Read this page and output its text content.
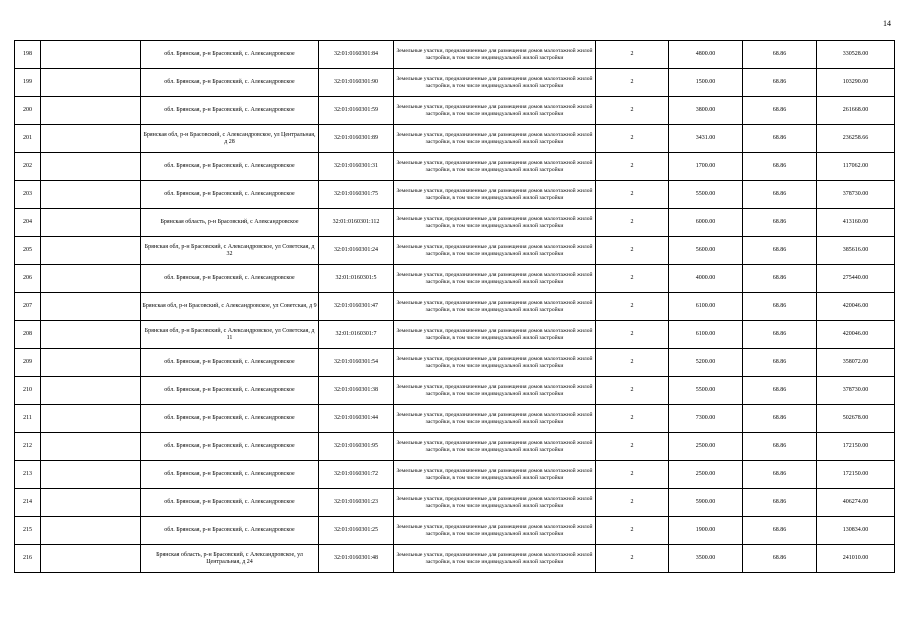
14
198		обл. Брянская, р-н Брасовский, с. Александровское	32:01:0160301:84	Земельные участки, предназначенные для размещения домов малоэтажной жилой застройки, в том числе индивидуальной жилой застройки	2	4800.00	68.86	330528.00
199		обл. Брянская, р-н Брасовский, с. Александровское	32:01:0160301:90	Земельные участки, предназначенные для размещения домов малоэтажной жилой застройки, в том числе индивидуальной жилой застройки	2	1500.00	68.86	103290.00
200		обл. Брянская, р-н Брасовский, с. Александровское	32:01:0160301:59	Земельные участки, предназначенные для размещения домов малоэтажной жилой застройки, в том числе индивидуальной жилой застройки	2	3800.00	68.86	261668.00
201		Брянская обл, р-н Брасовский, с Александровское, ул Центральная, д 28	32:01:0160301:89	Земельные участки, предназначенные для размещения домов малоэтажной жилой застройки, в том числе индивидуальной жилой застройки	2	3431.00	68.86	236258.66
202		обл. Брянская, р-н Брасовский, с. Александровское	32:01:0160301:31	Земельные участки, предназначенные для размещения домов малоэтажной жилой застройки, в том числе индивидуальной жилой застройки	2	1700.00	68.86	117062.00
203		обл. Брянская, р-н Брасовский, с. Александровское	32:01:0160301:75	Земельные участки, предназначенные для размещения домов малоэтажной жилой застройки, в том числе индивидуальной жилой застройки	2	5500.00	68.86	378730.00
204		Брянская область, р-н Брасовский, с Александровское	32:01:0160301:112	Земельные участки, предназначенные для размещения домов малоэтажной жилой застройки, в том числе индивидуальной жилой застройки	2	6000.00	68.86	413160.00
205		Брянская обл, р-н Брасовский, с Александровское, ул Советская, д 32	32:01:0160301:24	Земельные участки, предназначенные для размещения домов малоэтажной жилой застройки, в том числе индивидуальной жилой застройки	2	5600.00	68.86	385616.00
206		обл. Брянская, р-н Брасовский, с. Александровское	32:01:0160301:5	Земельные участки, предназначенные для размещения домов малоэтажной жилой застройки, в том числе индивидуальной жилой застройки	2	4000.00	68.86	275440.00
207		Брянская обл, р-н Брасовский, с Александровское, ул Советская, д 9	32:01:0160301:47	Земельные участки, предназначенные для размещения домов малоэтажной жилой застройки, в том числе индивидуальной жилой застройки	2	6100.00	68.86	420046.00
208		Брянская обл, р-н Брасовский, с Александровское, ул Советская, д 11	32:01:0160301:7	Земельные участки, предназначенные для размещения домов малоэтажной жилой застройки, в том числе индивидуальной жилой застройки	2	6100.00	68.86	420046.00
209		обл. Брянская, р-н Брасовский, с. Александровское	32:01:0160301:54	Земельные участки, предназначенные для размещения домов малоэтажной жилой застройки, в том числе индивидуальной жилой застройки	2	5200.00	68.86	358072.00
210		обл. Брянская, р-н Брасовский, с. Александровское	32:01:0160301:38	Земельные участки, предназначенные для размещения домов малоэтажной жилой застройки, в том числе индивидуальной жилой застройки	2	5500.00	68.86	378730.00
211		обл. Брянская, р-н Брасовский, с. Александровское	32:01:0160301:44	Земельные участки, предназначенные для размещения домов малоэтажной жилой застройки, в том числе индивидуальной жилой застройки	2	7300.00	68.86	502678.00
212		обл. Брянская, р-н Брасовский, с. Александровское	32:01:0160301:95	Земельные участки, предназначенные для размещения домов малоэтажной жилой застройки, в том числе индивидуальной жилой застройки	2	2500.00	68.86	172150.00
213		обл. Брянская, р-н Брасовский, с. Александровское	32:01:0160301:72	Земельные участки, предназначенные для размещения домов малоэтажной жилой застройки, в том числе индивидуальной жилой застройки	2	2500.00	68.86	172150.00
214		обл. Брянская, р-н Брасовский, с. Александровское	32:01:0160301:23	Земельные участки, предназначенные для размещения домов малоэтажной жилой застройки, в том числе индивидуальной жилой застройки	2	5900.00	68.86	406274.00
215		обл. Брянская, р-н Брасовский, с. Александровское	32:01:0160301:25	Земельные участки, предназначенные для размещения домов малоэтажной жилой застройки, в том числе индивидуальной жилой застройки	2	1900.00	68.86	130834.00
216		Брянская область, р-н Брасовский, с Александровское, ул Центральная, д 24	32:01:0160301:48	Земельные участки, предназначенные для размещения домов малоэтажной жилой застройки, в том числе индивидуальной жилой застройки	2	3500.00	68.86	241010.00
